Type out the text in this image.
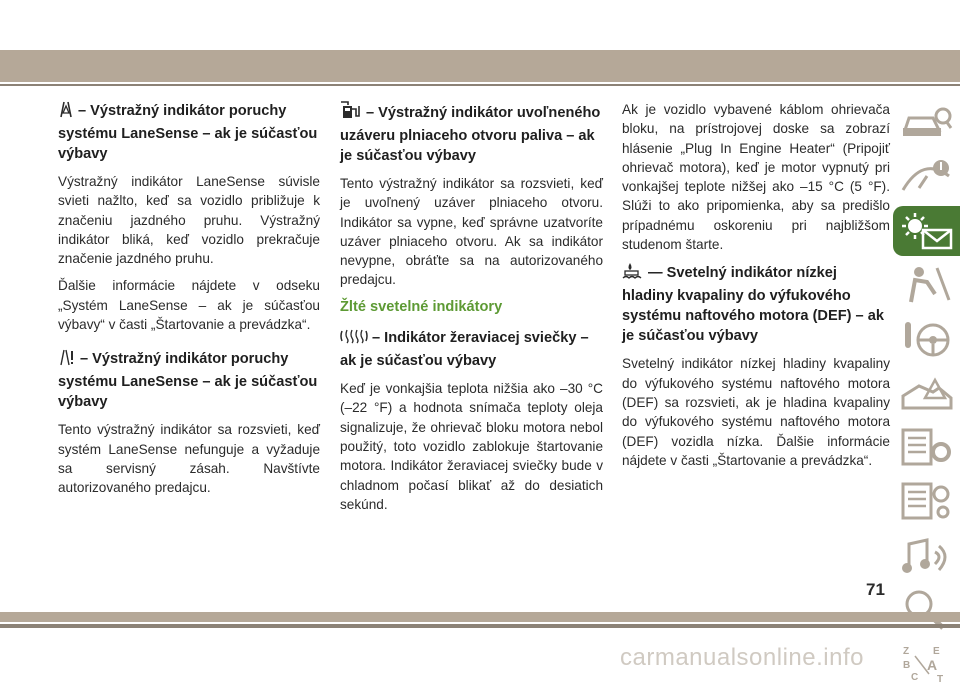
– Výstražný indikátor poruchy systému LaneSense – ak je súčasťou výbavy
Výstražný indikátor LaneSense súvisle svieti nažlto, keď sa vozidlo približuje k značeniu jazdného pruhu. Výstražný indikátor bliká, keď vozidlo prekračuje značenie jazdného pruhu.
Ďalšie informácie nájdete v odseku „Systém LaneSense – ak je súčasťou výbavy“ v časti „Štartovanie a prevádzka“.
– Výstražný indikátor poruchy systému LaneSense – ak je súčasťou výbavy
Tento výstražný indikátor sa rozsvieti, keď systém LaneSense nefunguje a vyžaduje sa servisný zásah. Navštívte autorizovaného predajcu.
– Výstražný indikátor uvoľneného uzáveru plniaceho otvoru paliva – ak je súčasťou výbavy
Tento výstražný indikátor sa rozsvieti, keď je uvoľnený uzáver plniaceho otvoru. Indikátor sa vypne, keď správne uzatvoríte uzáver plniaceho otvoru. Ak sa indikátor nevypne, obráťte sa na autorizovaného predajcu.
Žlté svetelné indikátory
– Indikátor žeraviacej sviečky – ak je súčasťou výbavy
Keď je vonkajšia teplota nižšia ako –30 °C (–22 °F) a hodnota snímača teploty oleja signalizuje, že ohrievač bloku motora nebol použitý, toto vozidlo zablokuje štartovanie motora. Indikátor žeraviacej sviečky bude v chladnom počasí blikať až do desiatich sekúnd.
Ak je vozidlo vybavené káblom ohrievača bloku, na prístrojovej doske sa zobrazí hlásenie „Plug In Engine Heater“ (Pripojiť ohrievač motora), keď je motor vypnutý pri vonkajšej teplote nižšej ako –15 °C (5 °F). Slúži to ako pripomienka, aby sa predišlo prípadnému oskoreniu pri najbližšom studenom štarte.
— Svetelný indikátor nízkej hladiny kvapaliny do výfukového systému naftového motora (DEF) – ak je súčasťou výbavy
Svetelný indikátor nízkej hladiny kvapaliny do výfukového systému naftového motora (DEF) sa rozsvieti, ak je hladina kvapaliny do výfukového systému naftového motora (DEF) vozidla nízka. Ďalšie informácie nájdete v časti „Štartovanie a prevádzka“.
Z E
B A
C T
71
carmanualsonline.info
